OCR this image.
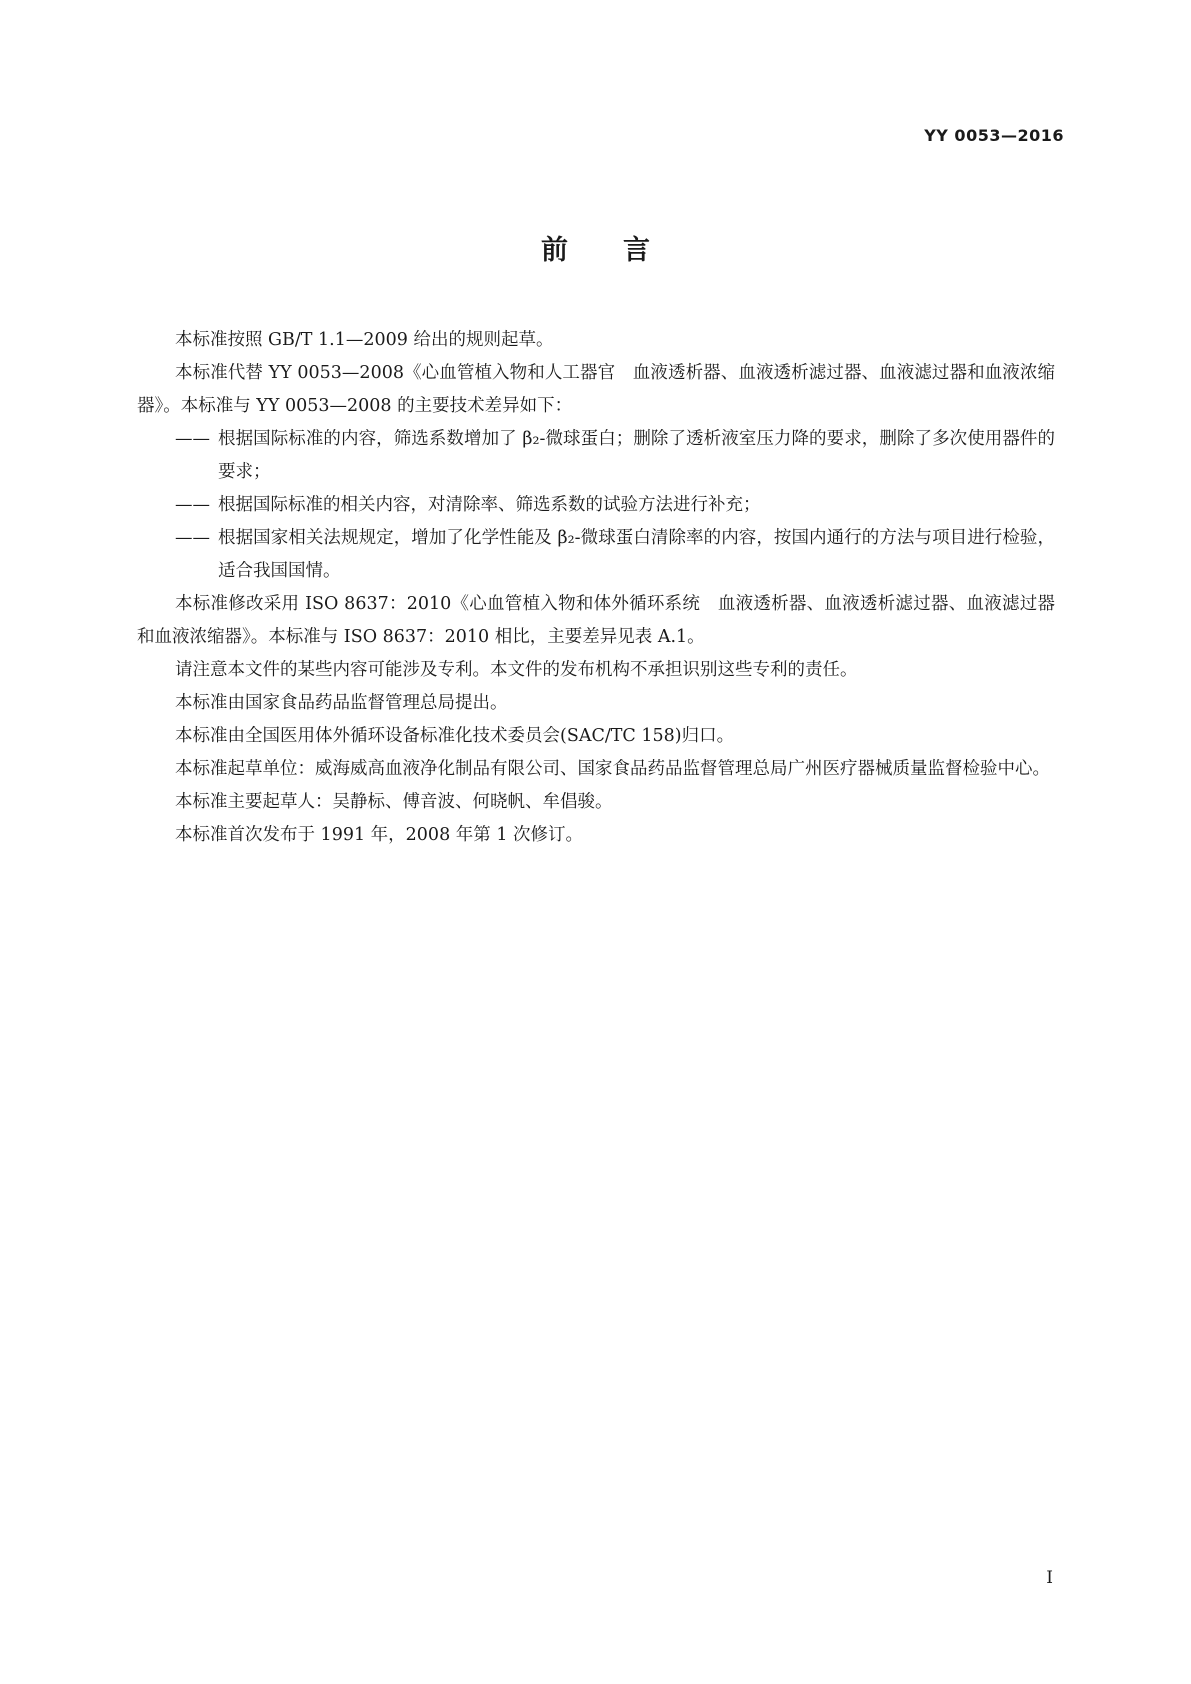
YY 0053—2016
前 言

本标准按照 GB/T 1.1—2009 给出的规则起草。

本标准代替 YY 0053—2008《心血管植入物和人工器官　血液透析器、血液透析滤过器、血液滤过器和血液浓缩器》。本标准与 YY 0053—2008 的主要技术差异如下：

—— 根据国际标准的内容，筛选系数增加了 β₂-微球蛋白；删除了透析液室压力降的要求，删除了多次使用器件的要求；

—— 根据国际标准的相关内容，对清除率、筛选系数的试验方法进行补充；

—— 根据国家相关法规规定，增加了化学性能及 β₂-微球蛋白清除率的内容，按国内通行的方法与项目进行检验，适合我国国情。

本标准修改采用 ISO 8637：2010《心血管植入物和体外循环系统　血液透析器、血液透析滤过器、血液滤过器和血液浓缩器》。本标准与 ISO 8637：2010 相比，主要差异见表 A.1。

请注意本文件的某些内容可能涉及专利。本文件的发布机构不承担识别这些专利的责任。

本标准由国家食品药品监督管理总局提出。

本标准由全国医用体外循环设备标准化技术委员会(SAC/TC 158)归口。

本标准起草单位：威海威高血液净化制品有限公司、国家食品药品监督管理总局广州医疗器械质量监督检验中心。

本标准主要起草人：吴静标、傅音波、何晓帆、牟倡骏。

本标准首次发布于 1991 年，2008 年第 1 次修订。

I
